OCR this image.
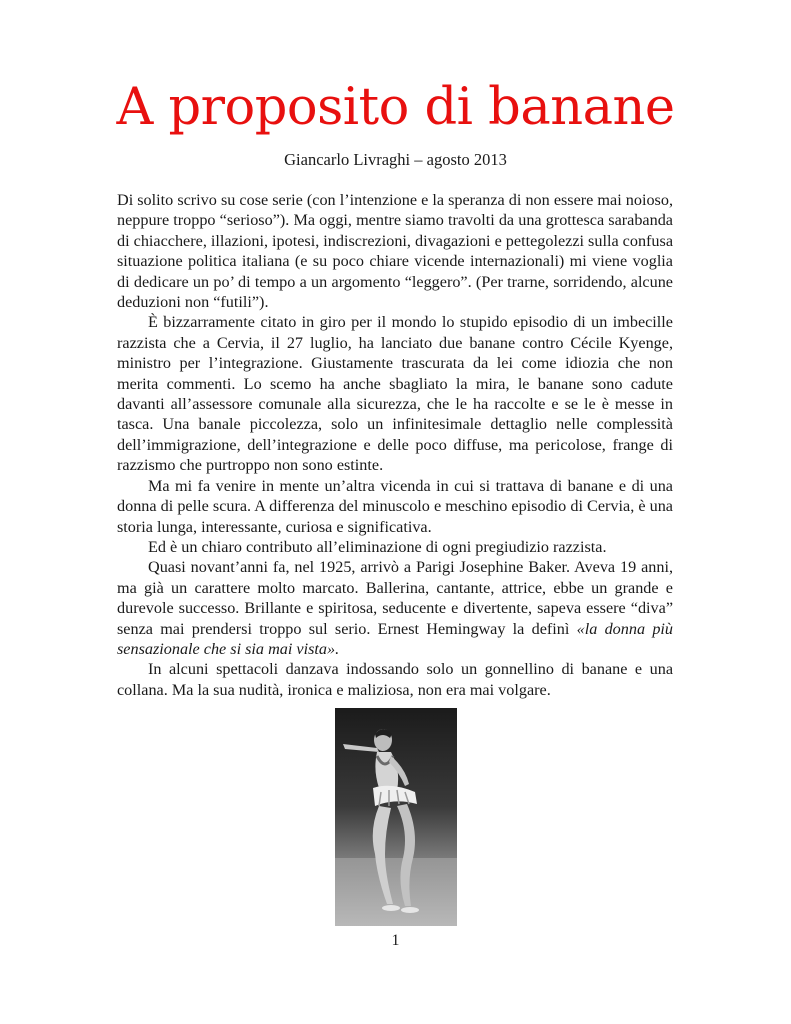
A proposito di banane

Giancarlo Livraghi – agosto 2013

Di solito scrivo su cose serie (con l’intenzione e la speranza di non essere mai noioso, neppure troppo “serioso”). Ma oggi, mentre siamo travolti da una grottesca sarabanda di chiacchere, illazioni, ipotesi, indiscrezioni, divagazioni e pettegolezzi sulla confusa situazione politica italiana (e su poco chiare vicende internazionali) mi viene voglia di dedicare un po’ di tempo a un argomento “leggero”. (Per trarne, sorridendo, alcune deduzioni non “futili”).

È bizzarramente citato in giro per il mondo lo stupido episodio di un imbecille razzista che a Cervia, il 27 luglio, ha lanciato due banane contro Cécile Kyenge, ministro per l’integrazione. Giustamente trascurata da lei come idiozia che non merita commenti. Lo scemo ha anche sbagliato la mira, le banane sono cadute davanti all’assessore comunale alla sicurezza, che le ha raccolte e se le è messe in tasca. Una banale piccolezza, solo un infinitesimale dettaglio nelle complessità dell’immigrazione, dell’integrazione e delle poco diffuse, ma pericolose, frange di razzismo che purtroppo non sono estinte.

Ma mi fa venire in mente un’altra vicenda in cui si trattava di banane e di una donna di pelle scura. A differenza del minuscolo e meschino episodio di Cervia, è una storia lunga, interessante, curiosa e significativa.

Ed è un chiaro contributo all’eliminazione di ogni pregiudizio razzista.

Quasi novant’anni fa, nel 1925, arrivò a Parigi Josephine Baker. Aveva 19 anni, ma già un carattere molto marcato. Ballerina, cantante, attrice, ebbe un grande e durevole successo. Brillante e spiritosa, seducente e divertente, sapeva essere “diva” senza mai prendersi troppo sul serio. Ernest Hemingway la definì «la donna più sensazionale che si sia mai vista».

In alcuni spettacoli danzava indossando solo un gonnellino di banane e una collana. Ma la sua nudità, ironica e maliziosa, non era mai volgare.

1
